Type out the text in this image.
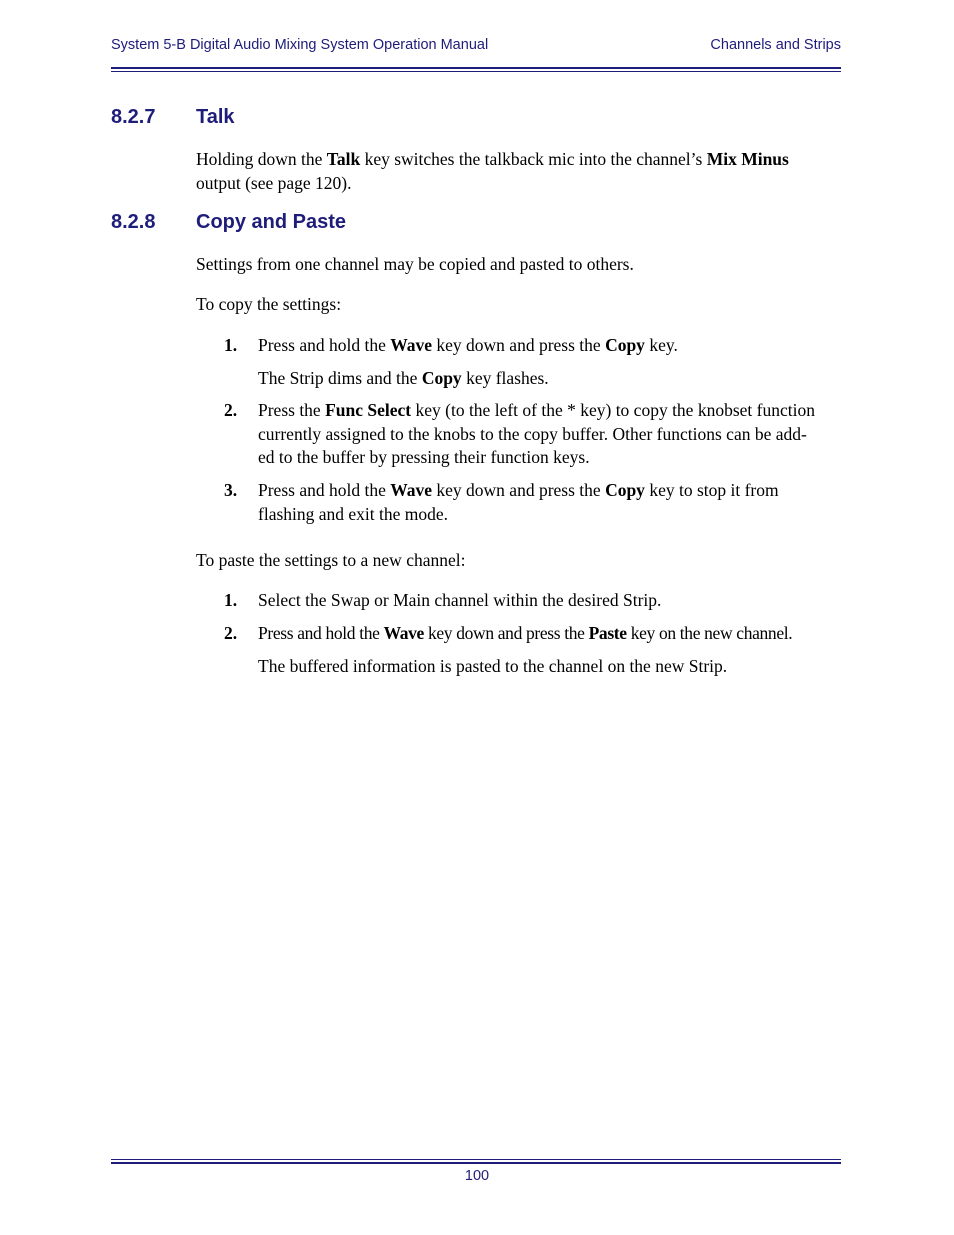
System 5-B Digital Audio Mixing System Operation Manual	Channels and Strips
8.2.7 Talk
Holding down the Talk key switches the talkback mic into the channel’s Mix Minus
output (see page 120).
8.2.8 Copy and Paste
Settings from one channel may be copied and pasted to others.
To copy the settings:
1. Press and hold the Wave key down and press the Copy key.
The Strip dims and the Copy key flashes.
2. Press the Func Select key (to the left of the * key) to copy the knobset function
currently assigned to the knobs to the copy buffer. Other functions can be add-
ed to the buffer by pressing their function keys.
3. Press and hold the Wave key down and press the Copy key to stop it from
flashing and exit the mode.
To paste the settings to a new channel:
1. Select the Swap or Main channel within the desired Strip.
2. Press and hold the Wave key down and press the Paste key on the new channel.
The buffered information is pasted to the channel on the new Strip.
100
